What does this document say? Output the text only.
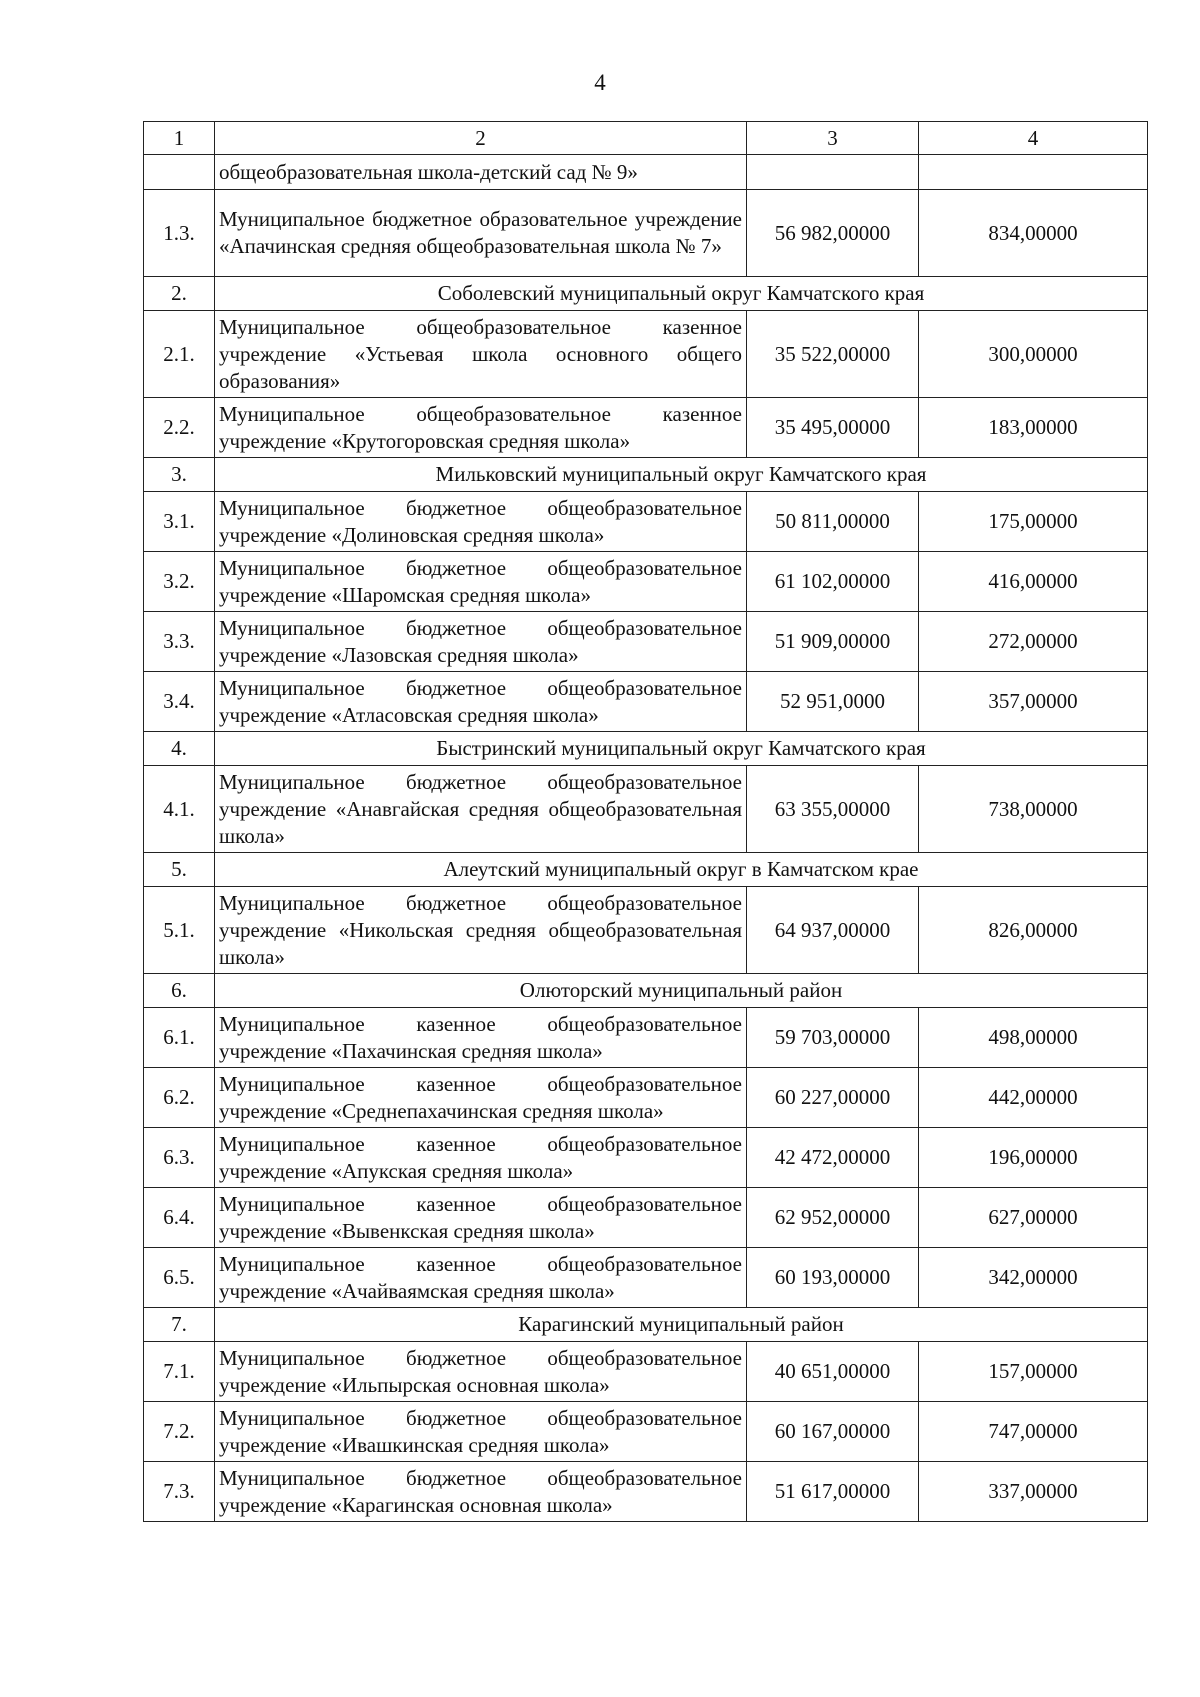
4
1	2	3	4
	общеобразовательная школа-детский сад № 9»		
1.3.	Муниципальное бюджетное образовательное учреждение «Апачинская средняя общеобразовательная школа № 7»	56 982,00000	834,00000
2.	Соболевский муниципальный округ Камчатского края		
2.1.	Муниципальное общеобразовательное казенное учреждение «Устьевая школа основного общего образования»	35 522,00000	300,00000
2.2.	Муниципальное общеобразовательное казенное учреждение «Крутогоровская средняя школа»	35 495,00000	183,00000
3.	Мильковский муниципальный округ Камчатского края		
3.1.	Муниципальное бюджетное общеобразовательное учреждение «Долиновская средняя школа»	50 811,00000	175,00000
3.2.	Муниципальное бюджетное общеобразовательное учреждение «Шаромская средняя школа»	61 102,00000	416,00000
3.3.	Муниципальное бюджетное общеобразовательное учреждение «Лазовская средняя школа»	51 909,00000	272,00000
3.4.	Муниципальное бюджетное общеобразовательное учреждение «Атласовская средняя школа»	52 951,0000	357,00000
4.	Быстринский муниципальный округ Камчатского края		
4.1.	Муниципальное бюджетное общеобразовательное учреждение «Анавгайская средняя общеобразовательная школа»	63 355,00000	738,00000
5.	Алеутский муниципальный округ в Камчатском крае		
5.1.	Муниципальное бюджетное общеобразовательное учреждение «Никольская средняя общеобразовательная школа»	64 937,00000	826,00000
6.	Олюторский муниципальный район		
6.1.	Муниципальное казенное общеобразовательное учреждение «Пахачинская средняя школа»	59 703,00000	498,00000
6.2.	Муниципальное казенное общеобразовательное учреждение «Среднепахачинская средняя школа»	60 227,00000	442,00000
6.3.	Муниципальное казенное общеобразовательное учреждение «Апукская средняя школа»	42 472,00000	196,00000
6.4.	Муниципальное казенное общеобразовательное учреждение «Вывенкская средняя школа»	62 952,00000	627,00000
6.5.	Муниципальное казенное общеобразовательное учреждение «Ачайваямская средняя школа»	60 193,00000	342,00000
7.	Карагинский муниципальный район		
7.1.	Муниципальное бюджетное общеобразовательное учреждение «Ильпырская основная школа»	40 651,00000	157,00000
7.2.	Муниципальное бюджетное общеобразовательное учреждение «Ивашкинская средняя школа»	60 167,00000	747,00000
7.3.	Муниципальное бюджетное общеобразовательное учреждение «Карагинская основная школа»	51 617,00000	337,00000
